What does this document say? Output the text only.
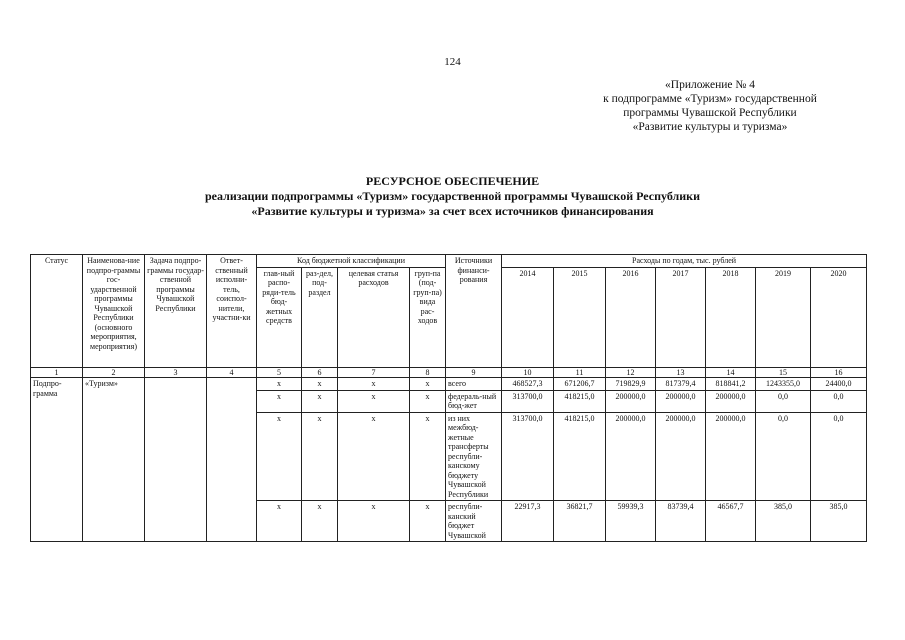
124
«Приложение № 4
к подпрограмме «Туризм» государственной
программы Чувашской Республики
«Развитие культуры и туризма»
РЕСУРСНОЕ ОБЕСПЕЧЕНИЕ
реализации подпрограммы «Туризм» государственной программы Чувашской Республики
«Развитие культуры и туризма» за счет всех источников финансирования
Статус	Наименова-ние подпро-граммы гос-ударственной программы Чувашской Республики (основного мероприятия, мероприятия)	Задача подпро-граммы государ-ственной программы Чувашской Республики	Ответ-ственный исполни-тель, соиспол-нители, участни-ки	Код бюджетной классификации				Источники финанси-рования	Расходы по годам, тыс. рублей						
				глав-ный распо-ряди-тель бюд-жетных средств	раз-дел, под-раздел	целевая статья расходов	груп-па (под-груп-па) вида рас-ходов		2014	2015	2016	2017	2018	2019	2020
1	2	3	4	5	6	7	8	9	10	11	12	13	14	15	16
Подпро-грамма	«Туризм»			х	х	х	х	всего	468527,3	671206,7	719829,9	817379,4	818841,2	1243355,0	24400,0
				х	х	х	х	федераль-ный бюд-жет	313700,0	418215,0	200000,0	200000,0	200000,0	0,0	0,0
				х	х	х	х	из них межбюд-жетные трансферты республи-канскому бюджету Чувашской Республики	313700,0	418215,0	200000,0	200000,0	200000,0	0,0	0,0
				х	х	х	х	республи-канский бюджет Чувашской	22917,3	36821,7	59939,3	83739,4	46567,7	385,0	385,0
